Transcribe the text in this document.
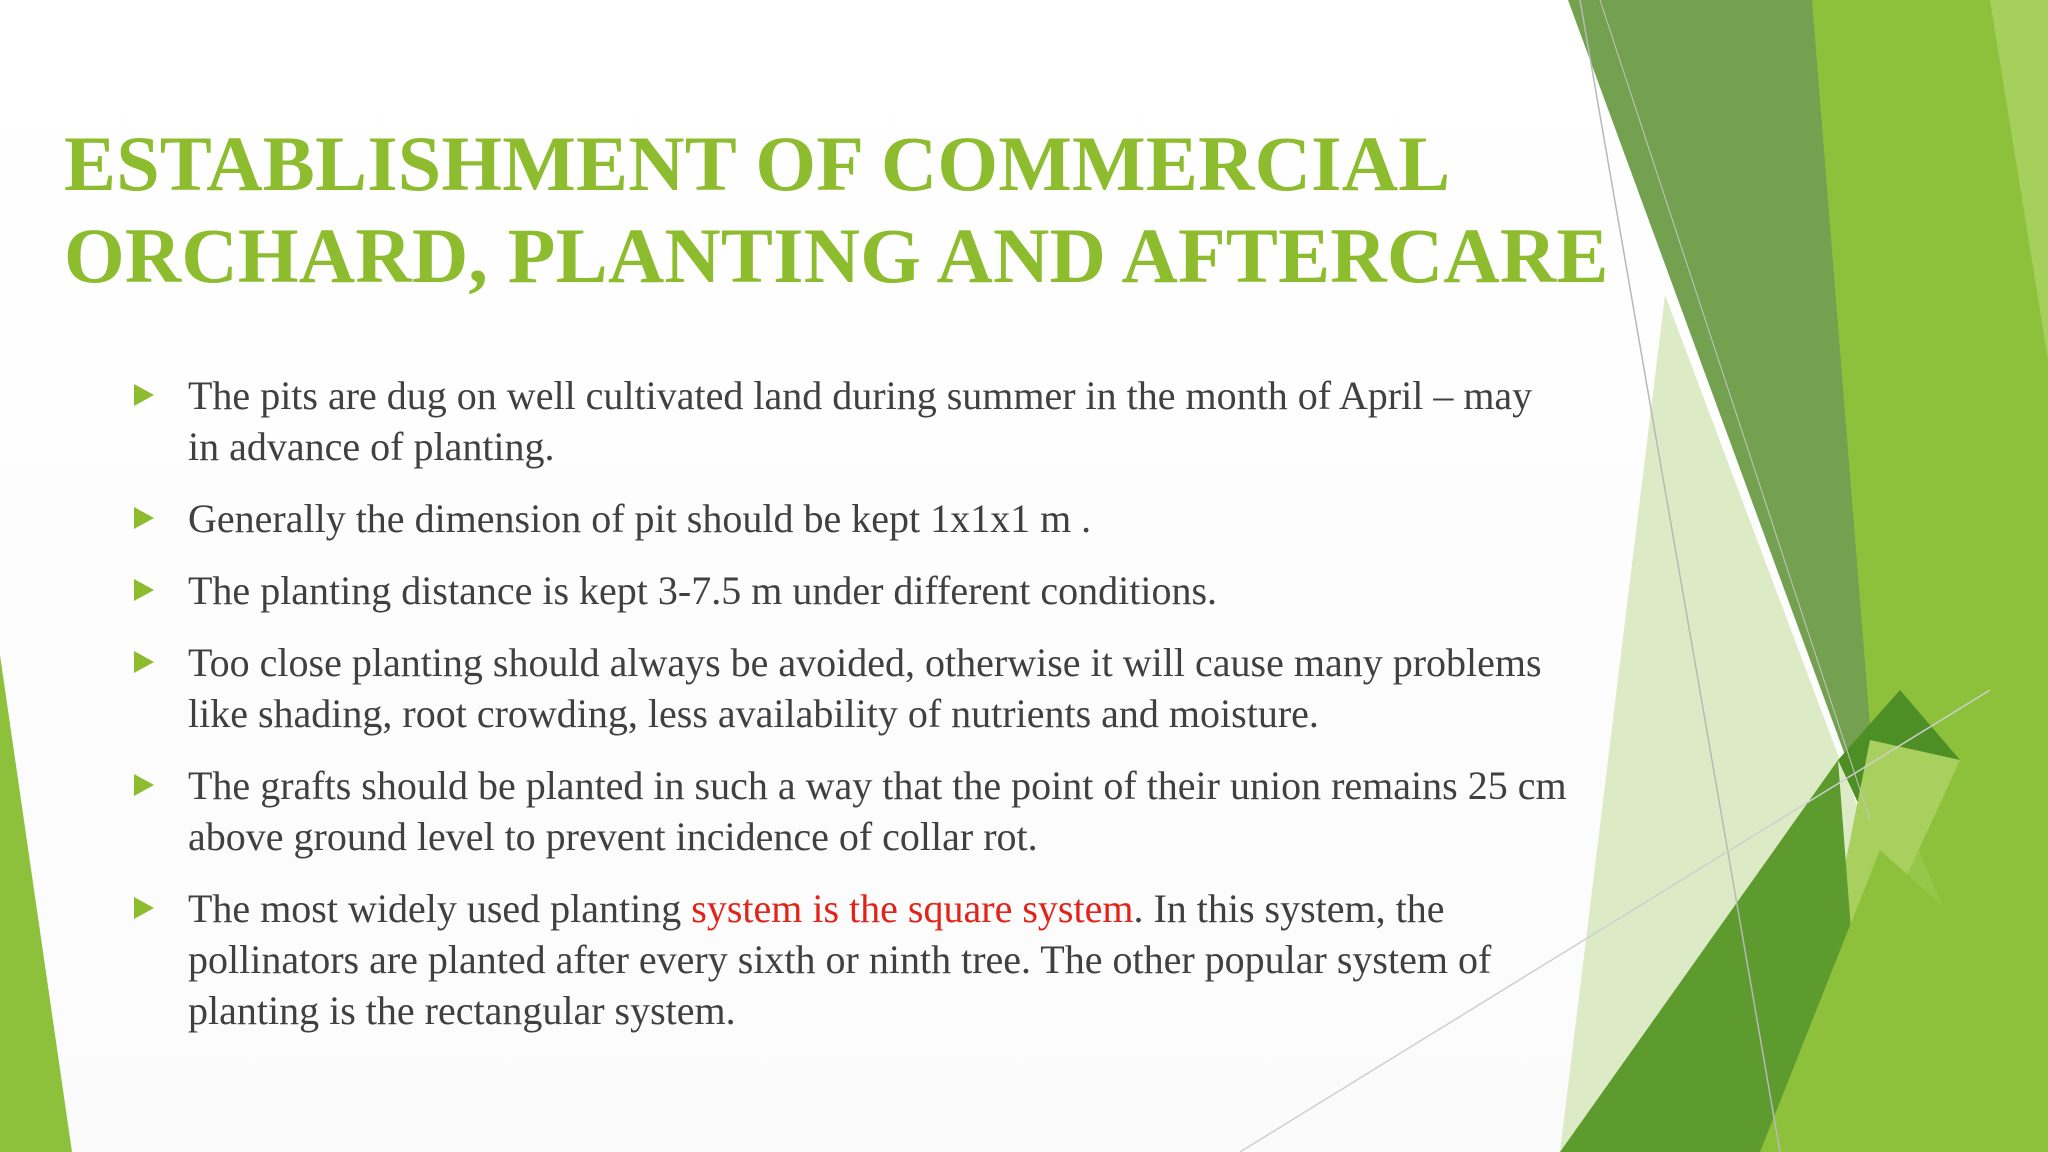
ESTABLISHMENT OF COMMERCIAL
ORCHARD, PLANTING AND AFTERCARE
The pits are dug on well cultivated land during summer in the month of April – may in advance of planting.
Generally the dimension of pit should be kept 1x1x1 m .
The planting distance is kept 3-7.5 m under different conditions.
Too close planting should always be avoided, otherwise it will cause many problems like shading, root crowding, less availability of nutrients and moisture.
The grafts should be planted in such a way that the point of their union remains 25 cm above ground level to prevent incidence of collar rot.
The most widely used planting system is the square system. In this system, the pollinators are planted after every sixth or ninth tree. The other popular system of planting is the rectangular system.
